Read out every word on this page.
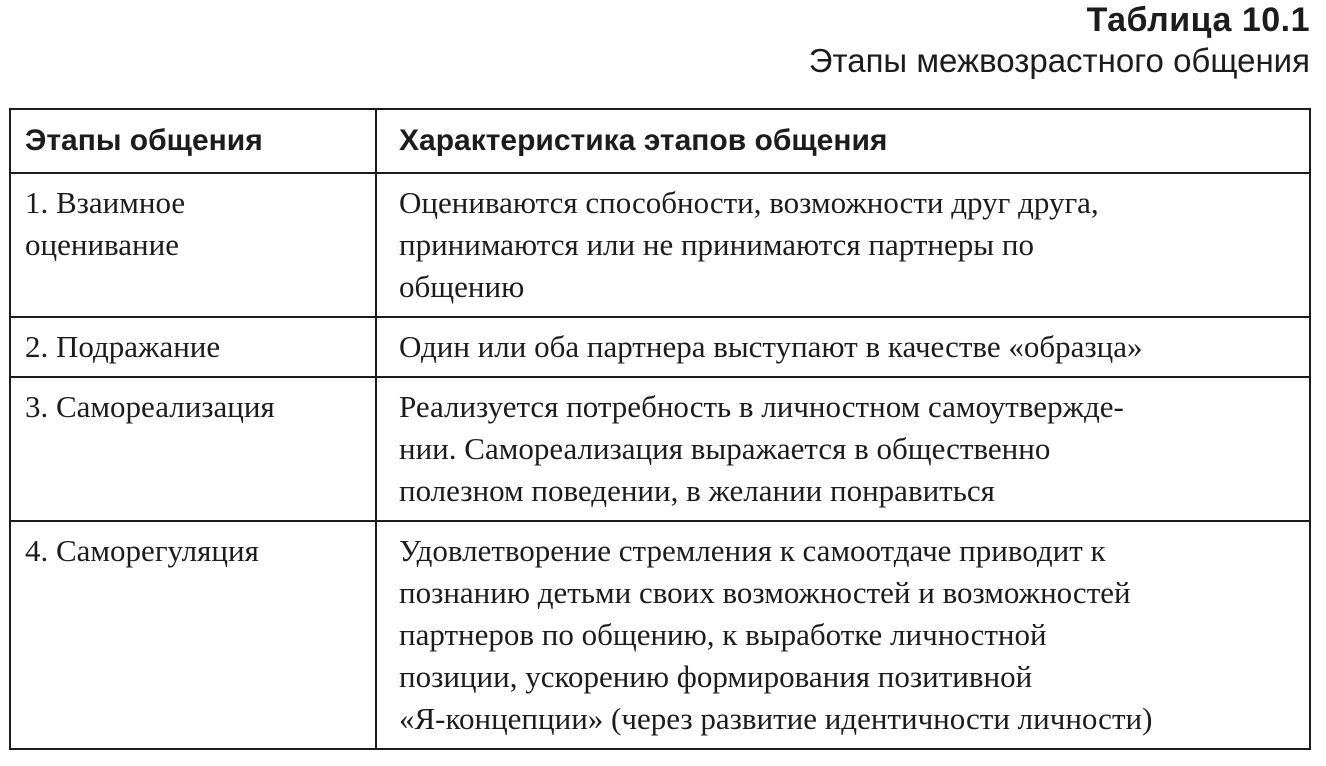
Таблица 10.1
Этапы межвозрастного общения
Этапы общения	Характеристика этапов общения

1. Взаимное
оценивание	Оцениваются способности, возможности друг друга,
принимаются или не принимаются партнеры по
общению

2. Подражание	Один или оба партнера выступают в качестве «образца»

3. Самореализация	Реализуется потребность в личностном самоутвержде-
нии. Самореализация выражается в общественно
полезном поведении, в желании понравиться

4. Саморегуляция	Удовлетворение стремления к самоотдаче приводит к
познанию детьми своих возможностей и возможностей
партнеров по общению, к выработке личностной
позиции, ускорению формирования позитивной
«Я-концепции» (через развитие идентичности личности)
